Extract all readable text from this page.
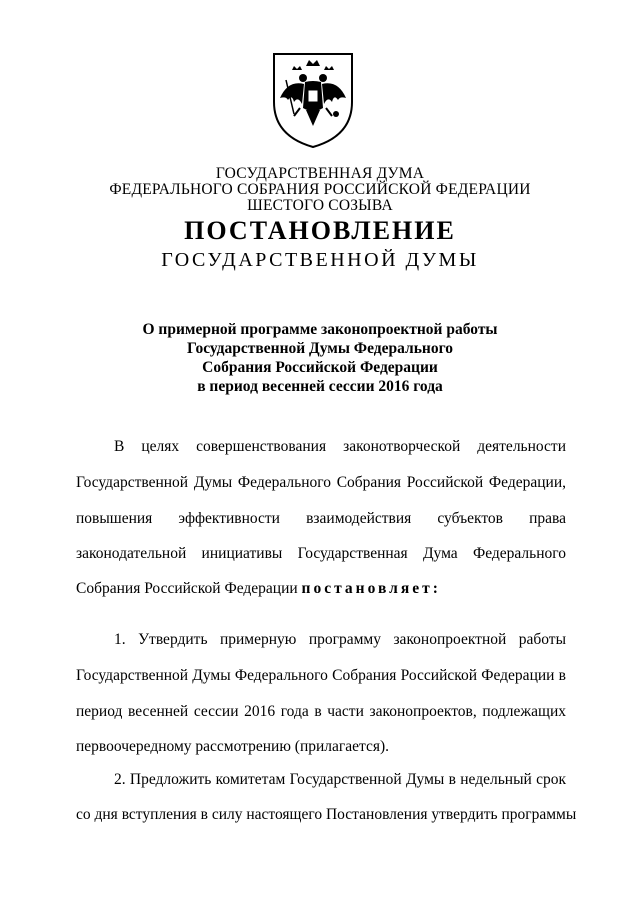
ГОСУДАРСТВЕННАЯ ДУМА
ФЕДЕРАЛЬНОГО СОБРАНИЯ РОССИЙСКОЙ ФЕДЕРАЦИИ
ШЕСТОГО СОЗЫВА
ПОСТАНОВЛЕНИЕ
ГОСУДАРСТВЕННОЙ ДУМЫ
О примерной программе законопроектной работы
Государственной Думы Федерального
Собрания Российской Федерации
в период весенней сессии 2016 года
В целях совершенствования законотворческой деятельности
Государственной Думы Федерального Собрания Российской Федерации,
повышения эффективности взаимодействия субъектов права
законодательной инициативы Государственная Дума Федерального
Собрания Российской Федерации постановляет:
1. Утвердить примерную программу законопроектной работы
Государственной Думы Федерального Собрания Российской Федерации в
период весенней сессии 2016 года в части законопроектов, подлежащих
первоочередному рассмотрению (прилагается).
2. Предложить комитетам Государственной Думы в недельный срок
со дня вступления в силу настоящего Постановления утвердить программы
